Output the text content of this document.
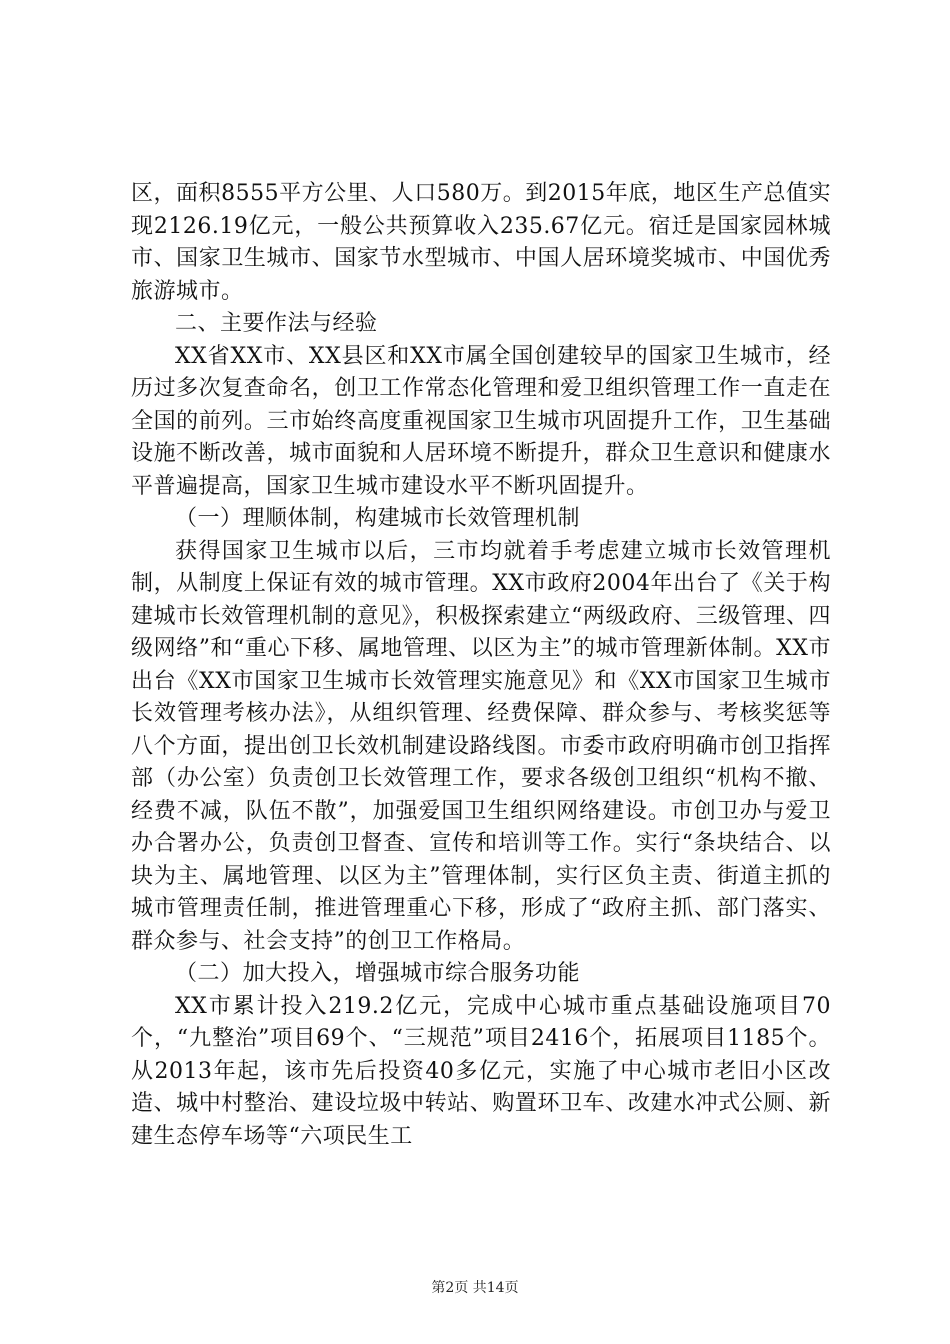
区，面积8555平方公里、人口580万。到2015年底，地区生产总值实现2126.19亿元，一般公共预算收入235.67亿元。宿迁是国家园林城市、国家卫生城市、国家节水型城市、中国人居环境奖城市、中国优秀旅游城市。

二、主要作法与经验

XX省XX市、XX县区和XX市属全国创建较早的国家卫生城市，经历过多次复查命名，创卫工作常态化管理和爱卫组织管理工作一直走在全国的前列。三市始终高度重视国家卫生城市巩固提升工作，卫生基础设施不断改善，城市面貌和人居环境不断提升，群众卫生意识和健康水平普遍提高，国家卫生城市建设水平不断巩固提升。

（一）理顺体制，构建城市长效管理机制

获得国家卫生城市以后，三市均就着手考虑建立城市长效管理机制，从制度上保证有效的城市管理。XX市政府2004年出台了《关于构建城市长效管理机制的意见》，积极探索建立“两级政府、三级管理、四级网络”和“重心下移、属地管理、以区为主”的城市管理新体制。XX市出台《XX市国家卫生城市长效管理实施意见》和《XX市国家卫生城市长效管理考核办法》，从组织管理、经费保障、群众参与、考核奖惩等八个方面，提出创卫长效机制建设路线图。市委市政府明确市创卫指挥部（办公室）负责创卫长效管理工作，要求各级创卫组织“机构不撤、经费不减，队伍不散”，加强爱国卫生组织网络建设。市创卫办与爱卫办合署办公，负责创卫督查、宣传和培训等工作。实行“条块结合、以块为主、属地管理、以区为主”管理体制，实行区负主责、街道主抓的城市管理责任制，推进管理重心下移，形成了“政府主抓、部门落实、群众参与、社会支持”的创卫工作格局。

（二）加大投入，增强城市综合服务功能

XX市累计投入219.2亿元，完成中心城市重点基础设施项目70个，“九整治”项目69个、“三规范”项目2416个，拓展项目1185个。从2013年起，该市先后投资40多亿元，实施了中心城市老旧小区改造、城中村整治、建设垃圾中转站、购置环卫车、改建水冲式公厕、新建生态停车场等“六项民生工

第2页 共14页
